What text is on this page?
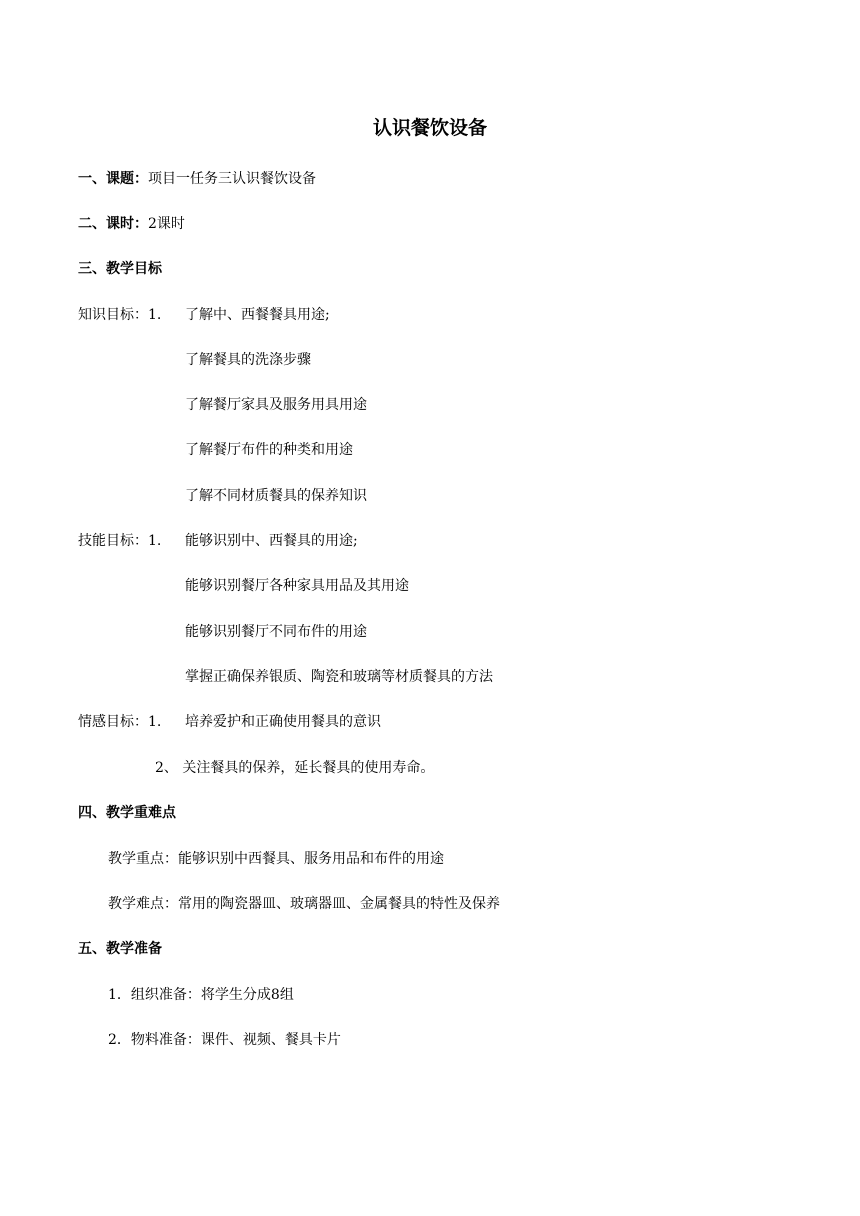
认识餐饮设备
一、课题：项目一任务三认识餐饮设备
二、课时：2课时
三、教学目标
知识目标：1. 了解中、西餐餐具用途;
了解餐具的洗涤步骤
了解餐厅家具及服务用具用途
了解餐厅布件的种类和用途
了解不同材质餐具的保养知识
技能目标：1. 能够识别中、西餐具的用途;
能够识别餐厅各种家具用品及其用途
能够识别餐厅不同布件的用途
掌握正确保养银质、陶瓷和玻璃等材质餐具的方法
情感目标：1. 培养爱护和正确使用餐具的意识
2、 关注餐具的保养，延长餐具的使用寿命。
四、教学重难点
教学重点：能够识别中西餐具、服务用品和布件的用途
教学难点：常用的陶瓷器皿、玻璃器皿、金属餐具的特性及保养
五、教学准备
1．组织准备：将学生分成8组
2．物料准备：课件、视频、餐具卡片
